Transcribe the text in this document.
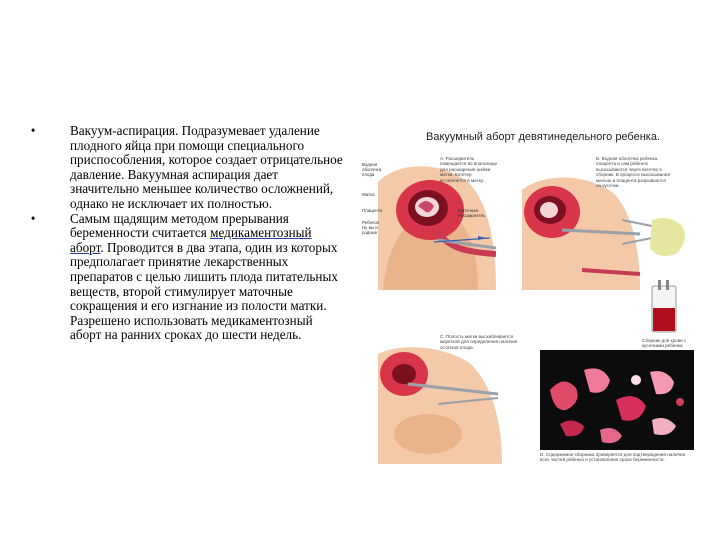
•	Вакуум-аспирация. Подразумевает удаление плодного яйца при помощи специального приспособления, которое создает отрицательное давление. Вакуумная аспирация дает значительно меньшее количество осложнений, однако не исключает их полностью.
•	Самым щадящим методом прерывания беременности считается медикаментозный аборт. Проводится в два этапа, один из которых предполагает принятие лекарственных препаратов с целью лишить плода питательных веществ, второй стимулирует маточные сокращения и его изгнание из полости матки. Разрешено использовать медикаментозный аборт на ранних сроках до шести недель.
Вакуумный аборт девятинедельного ребенка.
Водная оболочка плода
Матка
Плацента
Ребенок Ну вы и родные
Маточная Расширитель
A. Расширитель помещается во влагалище для расширения шейки матки. Катетер вставляется в матку.
B. Водная оболочка ребенка, плацента и сам ребенок высасываются через катетер в сборник. В процессе высасывания малыш и плацента разрываются на кусочки.
Сборник для крови с кусочками ребенка
C. Полость матки выскабливается кюреткой для определения наличия остатков плода.
D. Содержимое сборника проверяется для подтверждения наличия всех частей ребенка и установления срока беременности.
